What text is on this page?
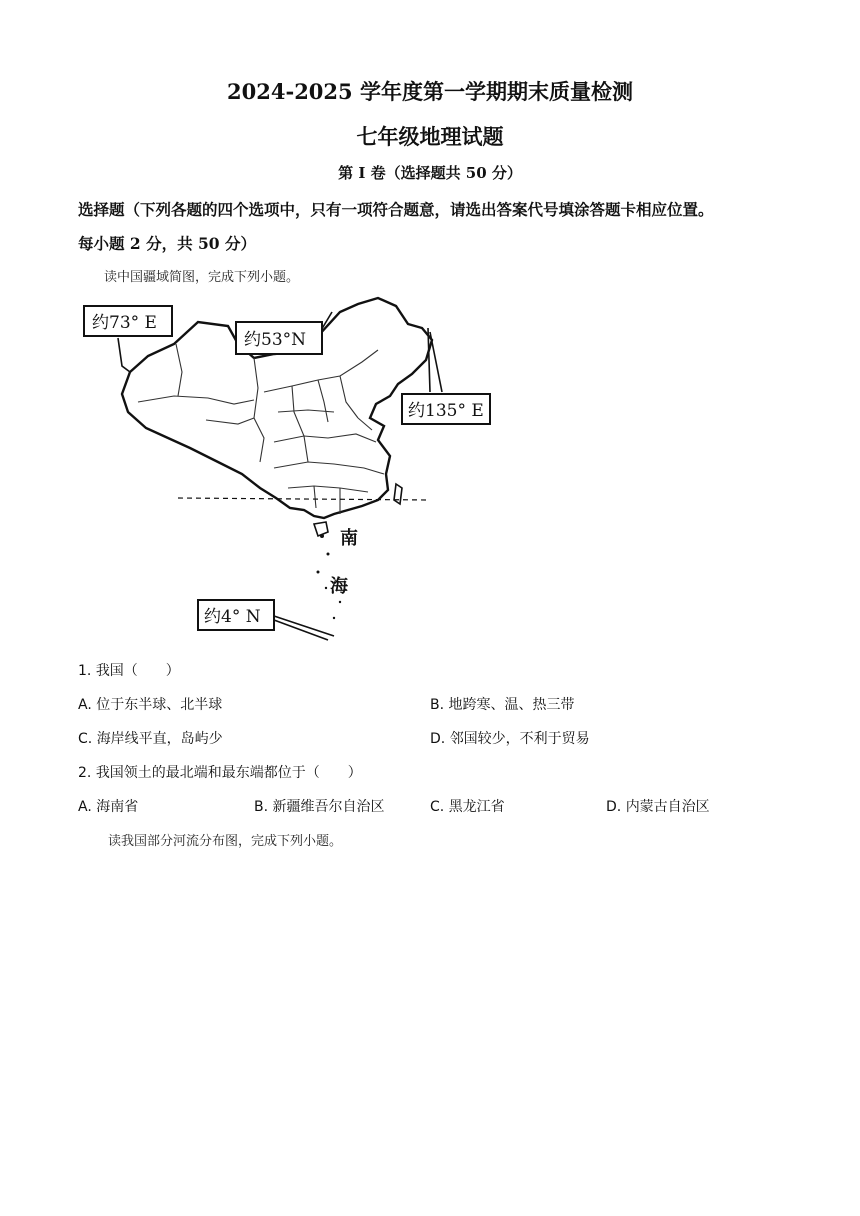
2024-2025 学年度第一学期期末质量检测
七年级地理试题
第 I 卷（选择题共 50 分）
选择题（下列各题的四个选项中，只有一项符合题意，请选出答案代号填涂答题卡相应位置。
每小题 2 分，共 50 分）
读中国疆域简图，完成下列小题。
约73° E
约53°N
约135° E
约4° N
南
海
1. 我国（　　）
A. 位于东半球、北半球	B. 地跨寒、温、热三带
C. 海岸线平直，岛屿少	D. 邻国较少，不利于贸易
2. 我国领土的最北端和最东端都位于（　　）
A. 海南省	B. 新疆维吾尔自治区	C. 黑龙江省	D. 内蒙古自治区
读我国部分河流分布图，完成下列小题。
